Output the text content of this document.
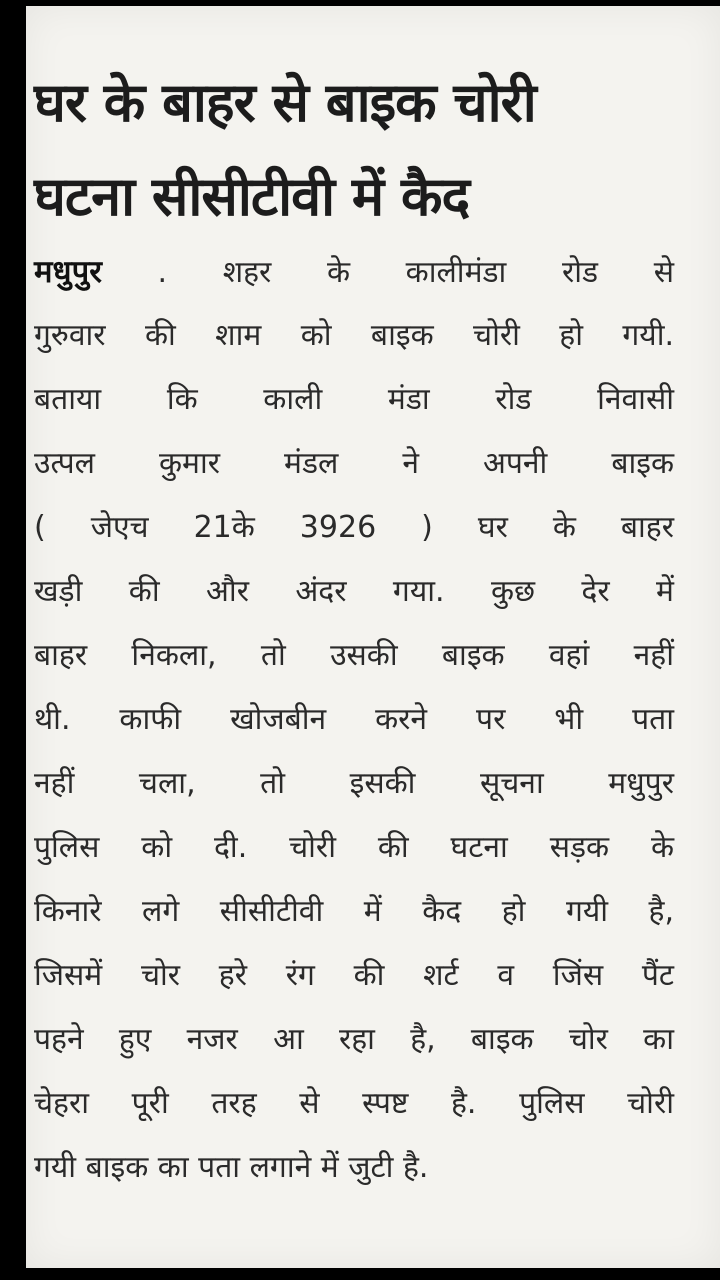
घर के बाहर से बाइक चोरी
घटना सीसीटीवी में कैद
मधुपुर . शहर के कालीमंडा रोड से
गुरुवार की शाम को बाइक चोरी हो गयी.
बताया कि काली मंडा रोड निवासी
उत्पल कुमार मंडल ने अपनी बाइक
( जेएच 21के 3926 ) घर के बाहर
खड़ी की और अंदर गया. कुछ देर में
बाहर निकला, तो उसकी बाइक वहां नहीं
थी. काफी खोजबीन करने पर भी पता
नहीं चला, तो इसकी सूचना मधुपुर
पुलिस को दी. चोरी की घटना सड़क के
किनारे लगे सीसीटीवी में कैद हो गयी है,
जिसमें चोर हरे रंग की शर्ट व जिंस पैंट
पहने हुए नजर आ रहा है, बाइक चोर का
चेहरा पूरी तरह से स्पष्ट है. पुलिस चोरी
गयी बाइक का पता लगाने में जुटी है.
